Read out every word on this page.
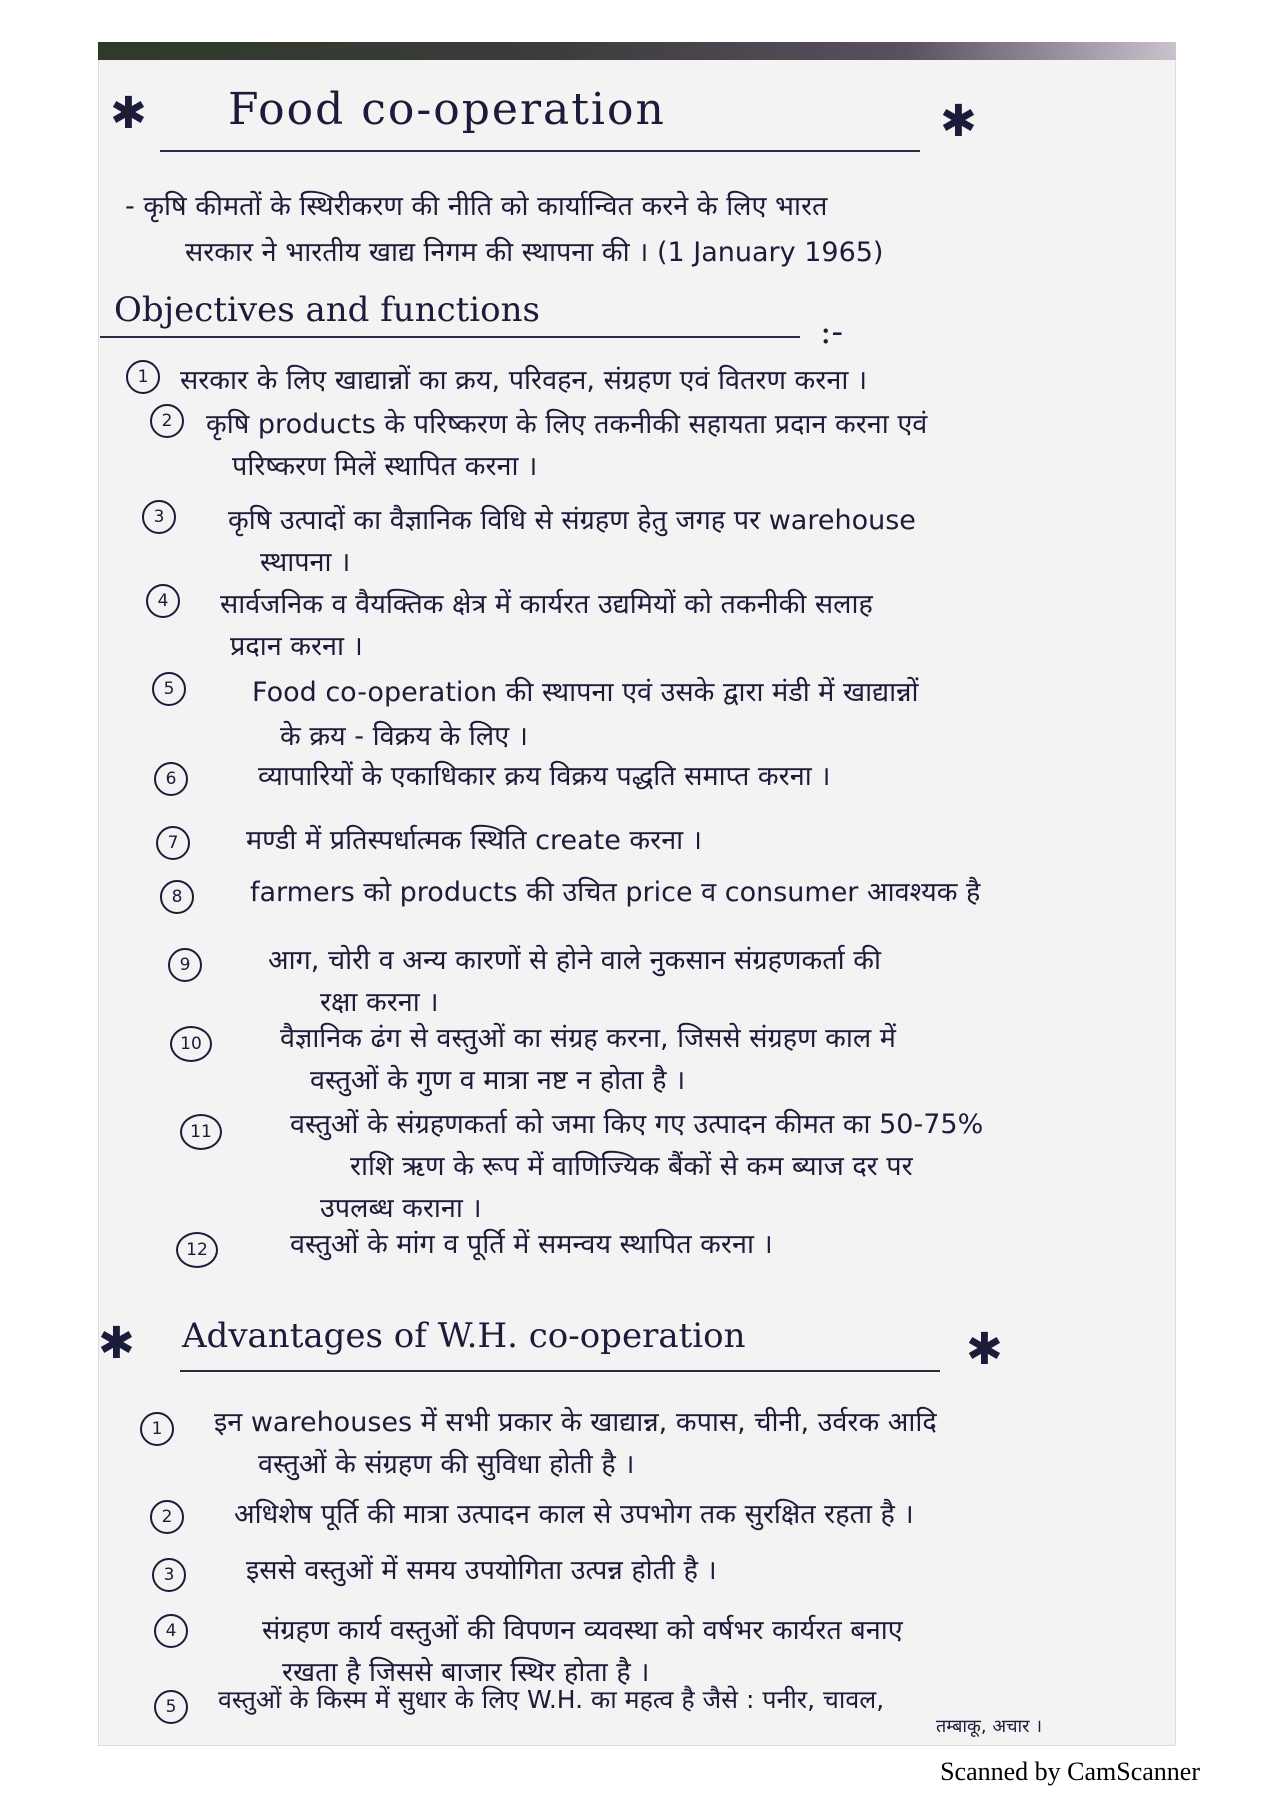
✱ Food co-operation	✱
- कृषि कीमतों के स्थिरीकरण की नीति को कार्यान्वित करने के लिए भारत
सरकार ने भारतीय खाद्य निगम की स्थापना की । (1 January 1965)
Objectives and functions
:-
1	सरकार के लिए खाद्यान्नों का क्रय, परिवहन, संग्रहण एवं वितरण करना ।
2	कृषि products के परिष्करण के लिए तकनीकी सहायता प्रदान करना एवं
परिष्करण मिलें स्थापित करना ।
3	कृषि उत्पादों का वैज्ञानिक विधि से संग्रहण हेतु जगह पर warehouse
स्थापना ।
4	सार्वजनिक व वैयक्तिक क्षेत्र में कार्यरत उद्यमियों को तकनीकी सलाह
प्रदान करना ।
5	Food co-operation की स्थापना एवं उसके द्वारा मंडी में खाद्यान्नों
के क्रय - विक्रय के लिए ।
6	व्यापारियों के एकाधिकार क्रय विक्रय पद्धति समाप्त करना ।
7	मण्डी में प्रतिस्पर्धात्मक स्थिति create करना ।
8	farmers को products की उचित price व consumer आवश्यक है
9	आग, चोरी व अन्य कारणों से होने वाले नुकसान संग्रहणकर्ता की
रक्षा करना ।
10	वैज्ञानिक ढंग से वस्तुओं का संग्रह करना, जिससे संग्रहण काल में
वस्तुओं के गुण व मात्रा नष्ट न होता है ।
11	वस्तुओं के संग्रहणकर्ता को जमा किए गए उत्पादन कीमत का 50-75%
राशि ऋण के रूप में वाणिज्यिक बैंकों से कम ब्याज दर पर
उपलब्ध कराना ।
12	वस्तुओं के मांग व पूर्ति में समन्वय स्थापित करना ।
✱ Advantages of W.H. co-operation	✱
1	इन warehouses में सभी प्रकार के खाद्यान्न, कपास, चीनी, उर्वरक आदि
वस्तुओं के संग्रहण की सुविधा होती है ।
2	अधिशेष पूर्ति की मात्रा उत्पादन काल से उपभोग तक सुरक्षित रहता है ।
3	इससे वस्तुओं में समय उपयोगिता उत्पन्न होती है ।
4	संग्रहण कार्य वस्तुओं की विपणन व्यवस्था को वर्षभर कार्यरत बनाए
रखता है जिससे बाजार स्थिर होता है ।
5	वस्तुओं के किस्म में सुधार के लिए W.H. का महत्व है जैसे : पनीर, चावल,
तम्बाकू, अचार ।
Scanned by CamScanner
